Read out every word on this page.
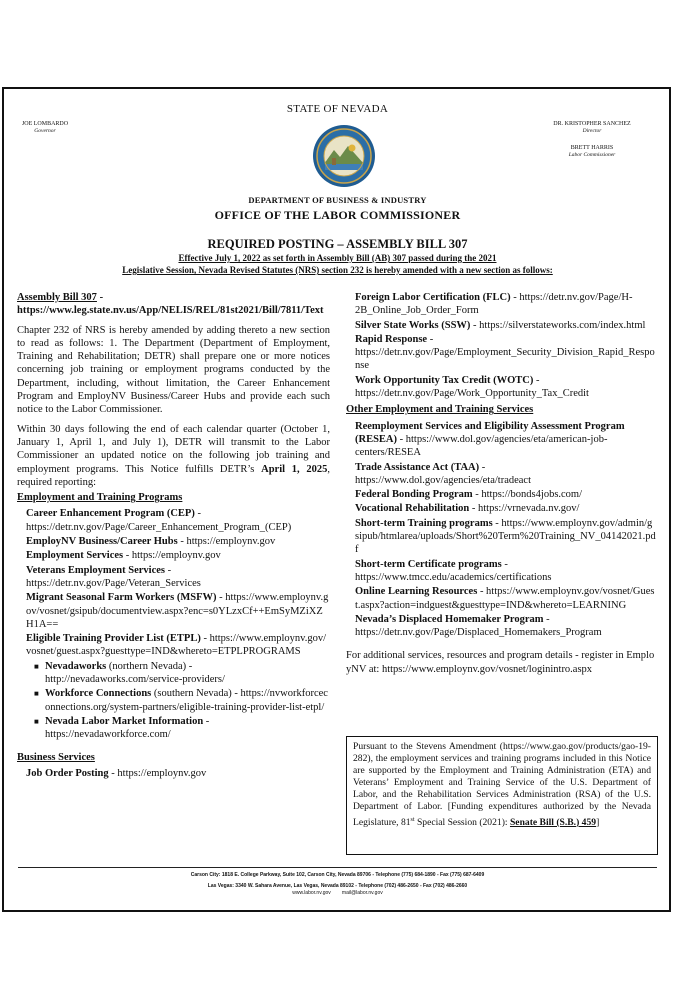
STATE OF NEVADA
JOE LOMBARDO
Governor
DR. KRISTOPHER SANCHEZ
Director
BRETT HARRIS
Labor Commissioner
DEPARTMENT OF BUSINESS & INDUSTRY
OFFICE OF THE LABOR COMMISSIONER
REQUIRED POSTING – ASSEMBLY BILL 307
Effective July 1, 2022 as set forth in Assembly Bill (AB) 307 passed during the 2021
Legislative Session, Nevada Revised Statutes (NRS) section 232 is hereby amended with a new section as follows:

Assembly Bill 307 - https://www.leg.state.nv.us/App/NELIS/REL/81st2021/Bill/7811/Text

Chapter 232 of NRS is hereby amended by adding thereto a new section to read as follows: 1. The Department (Department of Employment, Training and Rehabilitation; DETR) shall prepare one or more notices concerning job training or employment programs conducted by the Department, including, without limitation, the Career Enhancement Program and EmployNV Business/Career Hubs and provide each such notice to the Labor Commissioner.

Within 30 days following the end of each calendar quarter (October 1, January 1, April 1, and July 1), DETR will transmit to the Labor Commissioner an updated notice on the following job training and employment programs. This Notice fulfills DETR’s April 1, 2025, required reporting:

Employment and Training Programs
Career Enhancement Program (CEP) - https://detr.nv.gov/Page/Career_Enhancement_Program_(CEP)
EmployNV Business/Career Hubs - https://employnv.gov
Employment Services - https://employnv.gov
Veterans Employment Services - https://detr.nv.gov/Page/Veteran_Services
Migrant Seasonal Farm Workers (MSFW) - https://www.employnv.gov/vosnet/gsipub/documentview.aspx?enc=s0YLzxCf++EmSyMZiXZH1A==
Eligible Training Provider List (ETPL) - https://www.employnv.gov/vosnet/guest.aspx?guesttype=IND&whereto=ETPLPROGRAMS
■ Nevadaworks (northern Nevada) - http://nevadaworks.com/service-providers/
■ Workforce Connections (southern Nevada) - https://nvworkforceconnections.org/system-partners/eligible-training-provider-list-etpl/
■ Nevada Labor Market Information - https://nevadaworkforce.com/
Business Services
Job Order Posting - https://employnv.gov
Foreign Labor Certification (FLC) - https://detr.nv.gov/Page/H-2B_Online_Job_Order_Form
Silver State Works (SSW) - https://silverstateworks.com/index.html
Rapid Response - https://detr.nv.gov/Page/Employment_Security_Division_Rapid_Response
Work Opportunity Tax Credit (WOTC) - https://detr.nv.gov/Page/Work_Opportunity_Tax_Credit
Other Employment and Training Services
Reemployment Services and Eligibility Assessment Program (RESEA) - https://www.dol.gov/agencies/eta/american-job-centers/RESEA
Trade Assistance Act (TAA) - https://www.dol.gov/agencies/eta/tradeact
Federal Bonding Program - https://bonds4jobs.com/
Vocational Rehabilitation - https://vrnevada.nv.gov/
Short-term Training programs - https://www.employnv.gov/admin/gsipub/htmlarea/uploads/Short%20Term%20Training_NV_04142021.pdf
Short-term Certificate programs - https://www.tmcc.edu/academics/certifications
Online Learning Resources - https://www.employnv.gov/vosnet/Guest.aspx?action=indguest&guesttype=IND&whereto=LEARNING
Nevada’s Displaced Homemaker Program - https://detr.nv.gov/Page/Displaced_Homemakers_Program

For additional services, resources and program details - register in EmployNV at: https://www.employnv.gov/vosnet/loginintro.aspx

Pursuant to the Stevens Amendment (https://www.gao.gov/products/gao-19-282), the employment services and training programs included in this Notice are supported by the Employment and Training Administration (ETA) and Veterans’ Employment and Training Service of the U.S. Department of Labor, and the Rehabilitation Services Administration (RSA) of the U.S. Department of Labor. [Funding expenditures authorized by the Nevada Legislature, 81st Special Session (2021): Senate Bill (S.B.) 459]
Carson City: 1818 E. College Parkway, Suite 102, Carson City, Nevada 89706 - Telephone (775) 684-1890 - Fax (775) 687-6409
Las Vegas: 3340 W. Sahara Avenue, Las Vegas, Nevada 89102 - Telephone (702) 486-2650 - Fax (702) 486-2660
www.labor.nv.gov        mail@labor.nv.gov
